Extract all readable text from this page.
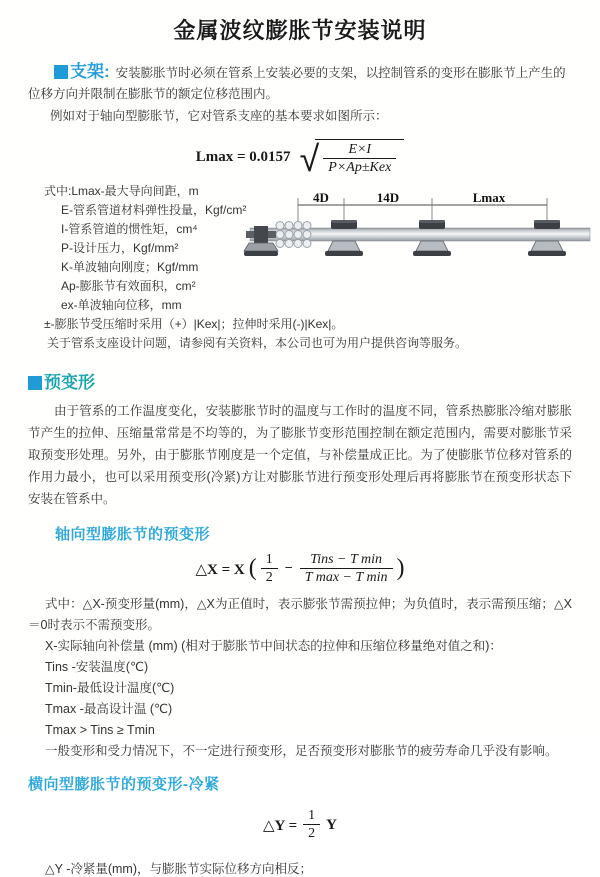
金属波纹膨胀节安装说明

支架: 安装膨胀节时必须在管系上安装必要的支架，以控制管系的变形在膨胀节上产生的位移方向并限制在膨胀节的额定位移范围内。

例如对于轴向型膨胀节，它对管系支座的基本要求如图所示：

Lmax = 0.0157 √ $\frac{E\times I}{\text{P×Ap±Kex}}$
式中:Lmax-最大导向间距，m
E-管系管道材料弹性投量，Kgf/cm²
I-管系管道的惯性矩，cm⁴
P-设计压力，Kgf/mm²
K-单波轴向刚度；Kgf/mm
Ap-膨胀节有效面积，cm²
ex-单波轴向位移，mm
±-膨胀节受压缩时采用（+）|Kex|；拉伸时采用(-)|Kex|。
关于管系支座设计问题，请参阅有关资料，本公司也可为用户提供咨询等服务。
4D	14D	Lmax
预变形

由于管系的工作温度变化，安装膨胀节时的温度与工作时的温度不同，管系热膨胀冷缩对膨胀节产生的拉伸、压缩量常常是不均等的，为了膨胀节变形范围控制在额定范围内，需要对膨胀节采取预变形处理。另外，由于膨胀节刚度是一个定值，与补偿量成正比。为了使膨胀节位移对管系的作用力最小，也可以采用预变形(冷紧)方让对膨胀节进行预变形处理后再将膨胀节在预变形状态下安装在管系中。

轴向型膨胀节的预变形
△X = X ( $\frac{1}{2} - \frac{\text{Tins − T min}}{\text{T max − T min}}$ )
式中：△X-预变形量(mm)，△X为正值时，表示膨张节需预拉伸；为负值时，表示需预压缩；△X＝0时表示不需预变形。
X-实际轴向补偿量 (mm) (相对于膨胀节中间状态的拉伸和压缩位移量绝对值之和)：
Tins -安装温度(℃)
Tmin-最低设计温度(℃)
Tmax -最高设计温 (℃)
Tmax > Tins ≥ Tmin
一般变形和受力情况下，不一定进行预变形，足否预变形对膨胀节的疲劳寿命几乎没有影响。
横向型膨胀节的预变形-冷紧
△Y = $\frac{1}{2}$ Y

△Y -冷紧量(mm)，与膨胀节实际位移方向相反；
